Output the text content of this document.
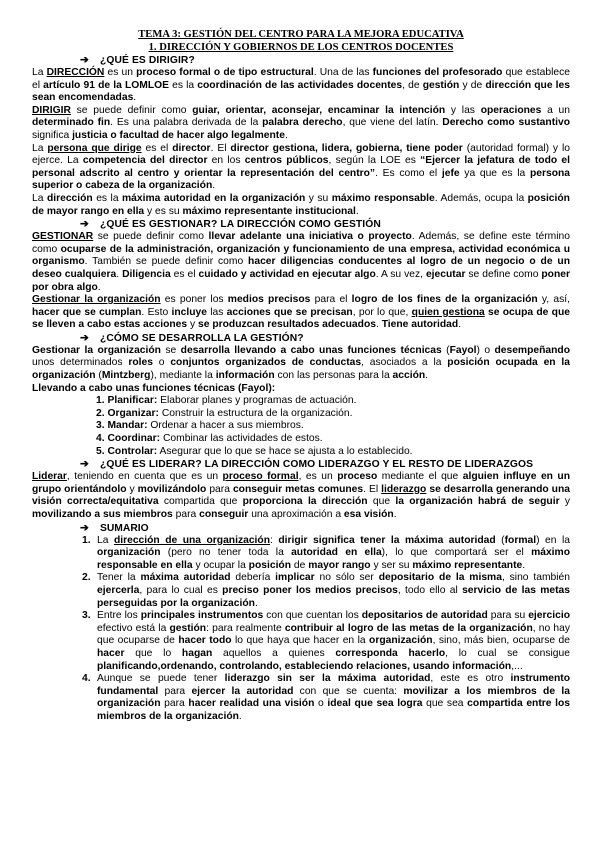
TEMA 3: GESTIÓN DEL CENTRO PARA LA MEJORA EDUCATIVA
1. DIRECCIÓN Y GOBIERNOS DE LOS CENTROS DOCENTES
➔ ¿QUÉ ES DIRIGIR?

La DIRECCIÓN es un proceso formal o de tipo estructural. Una de las funciones del profesorado que establece el artículo 91 de la LOMLOE es la coordinación de las actividades docentes, de gestión y de dirección que les sean encomendadas.

DIRIGIR se puede definir como guiar, orientar, aconsejar, encaminar la intención y las operaciones a un determinado fin. Es una palabra derivada de la palabra derecho, que viene del latín. Derecho como sustantivo significa justicia o facultad de hacer algo legalmente.

La persona que dirige es el director. El director gestiona, lidera, gobierna, tiene poder (autoridad formal) y lo ejerce. La competencia del director en los centros públicos, según la LOE es “Ejercer la jefatura de todo el personal adscrito al centro y orientar la representación del centro”. Es como el jefe ya que es la persona superior o cabeza de la organización.

La dirección es la máxima autoridad en la organización y su máximo responsable. Además, ocupa la posición de mayor rango en ella y es su máximo representante institucional.

➔ ¿QUÉ ES GESTIONAR? LA DIRECCIÓN COMO GESTIÓN

GESTIONAR se puede definir como llevar adelante una iniciativa o proyecto. Además, se define este término como ocuparse de la administración, organización y funcionamiento de una empresa, actividad económica u organismo. También se puede definir como hacer diligencias conducentes al logro de un negocio o de un deseo cualquiera. Diligencia es el cuidado y actividad en ejecutar algo. A su vez, ejecutar se define como poner por obra algo.

Gestionar la organización es poner los medios precisos para el logro de los fines de la organización y, así, hacer que se cumplan. Esto incluye las acciones que se precisan, por lo que, quien gestiona se ocupa de que se lleven a cabo estas acciones y se produzcan resultados adecuados. Tiene autoridad.

➔ ¿CÓMO SE DESARROLLA LA GESTIÓN?

Gestionar la organización se desarrolla llevando a cabo unas funciones técnicas (Fayol) o desempeñando unos determinados roles o conjuntos organizados de conductas, asociados a la posición ocupada en la organización (Mintzberg), mediante la información con las personas para la acción.

Llevando a cabo unas funciones técnicas (Fayol):

1. Planificar: Elaborar planes y programas de actuación.
2. Organizar: Construir la estructura de la organización.
3. Mandar: Ordenar a hacer a sus miembros.
4. Coordinar: Combinar las actividades de estos.
5. Controlar: Asegurar que lo que se hace se ajusta a lo establecido.
➔ ¿QUÉ ES LIDERAR? LA DIRECCIÓN COMO LIDERAZGO Y EL RESTO DE LIDERAZGOS

Liderar, teniendo en cuenta que es un proceso formal, es un proceso mediante el que alguien influye en un grupo orientándolo y movilizándolo para conseguir metas comunes. El liderazgo se desarrolla generando una visión correcta/equitativa compartida que proporciona la dirección que la organización habrá de seguir y movilizando a sus miembros para conseguir una aproximación a esa visión.

➔ SUMARIO
1. La dirección de una organización: dirigir significa tener la máxima autoridad (formal) en la organización (pero no tener toda la autoridad en ella), lo que comportará ser el máximo responsable en ella y ocupar la posición de mayor rango y ser su máximo representante.
2. Tener la máxima autoridad debería implicar no sólo ser depositario de la misma, sino también ejercerla, para lo cual es preciso poner los medios precisos, todo ello al servicio de las metas perseguidas por la organización.
3. Entre los principales instrumentos con que cuentan los depositarios de autoridad para su ejercicio efectivo está la gestión: para realmente contribuir al logro de las metas de la organización, no hay que ocuparse de hacer todo lo que haya que hacer en la organización, sino, más bien, ocuparse de hacer que lo hagan aquellos a quienes corresponda hacerlo, lo cual se consigue planificando,ordenando, controlando, estableciendo relaciones, usando información,...
4. Aunque se puede tener liderazgo sin ser la máxima autoridad, este es otro instrumento fundamental para ejercer la autoridad con que se cuenta: movilizar a los miembros de la organización para hacer realidad una visión o ideal que sea logra que sea compartida entre los miembros de la organización.
